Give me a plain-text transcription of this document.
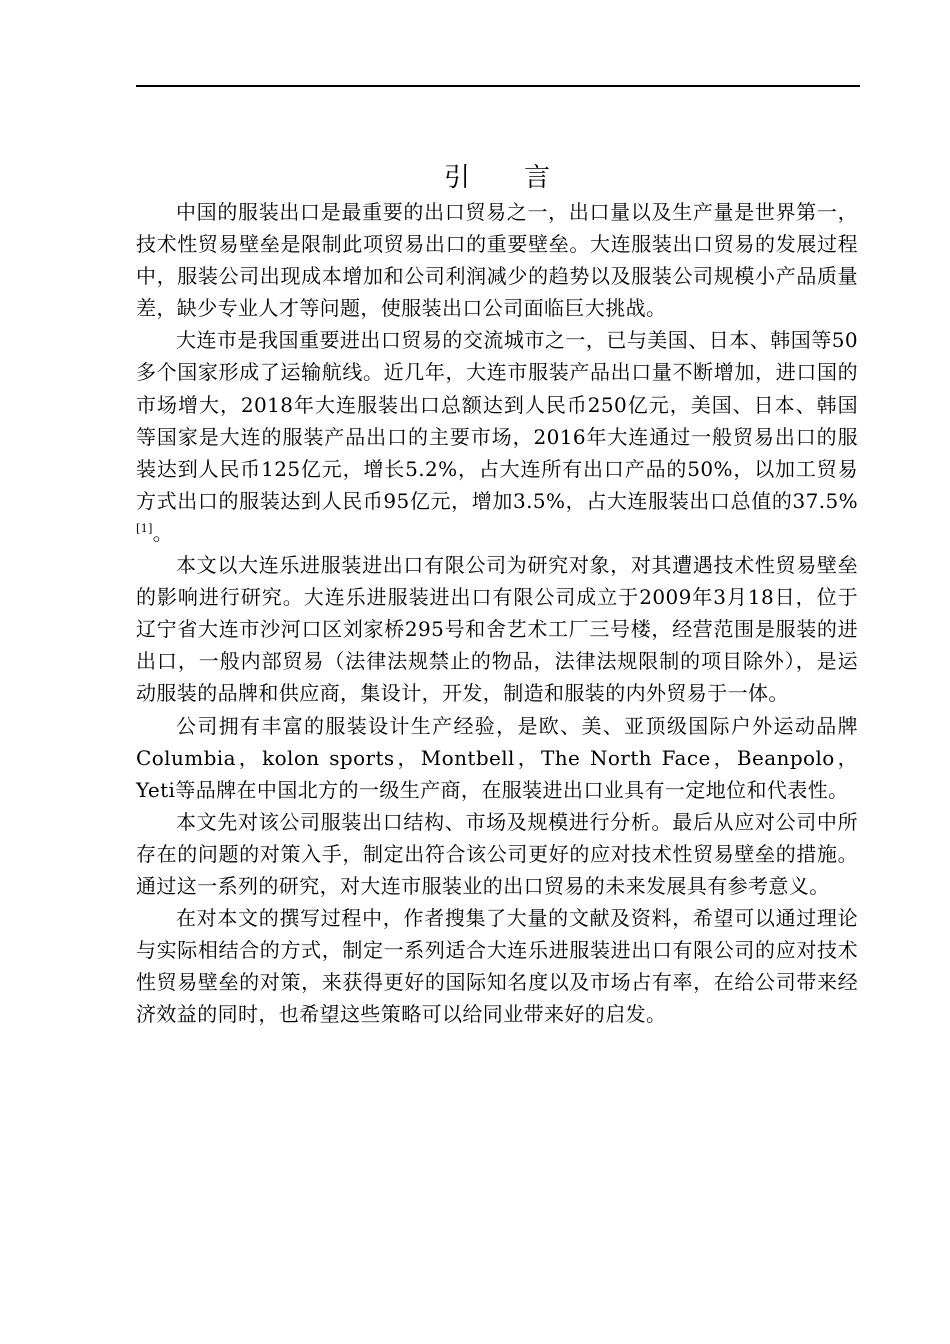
引 言

中国的服装出口是最重要的出口贸易之一，出口量以及生产量是世界第一，技术性贸易壁垒是限制此项贸易出口的重要壁垒。大连服装出口贸易的发展过程中，服装公司出现成本增加和公司利润减少的趋势以及服装公司规模小产品质量差，缺少专业人才等问题，使服装出口公司面临巨大挑战。

大连市是我国重要进出口贸易的交流城市之一，已与美国、日本、韩国等50多个国家形成了运输航线。近几年，大连市服装产品出口量不断增加，进口国的市场增大，2018年大连服装出口总额达到人民币250亿元，美国、日本、韩国等国家是大连的服装产品出口的主要市场，2016年大连通过一般贸易出口的服装达到人民币125亿元，增长5.2%，占大连所有出口产品的50%，以加工贸易方式出口的服装达到人民币95亿元，增加3.5%，占大连服装出口总值的37.5%[1]。

本文以大连乐进服装进出口有限公司为研究对象，对其遭遇技术性贸易壁垒的影响进行研究。大连乐进服装进出口有限公司成立于2009年3月18日，位于辽宁省大连市沙河口区刘家桥295号和舍艺术工厂三号楼，经营范围是服装的进出口，一般内部贸易（法律法规禁止的物品，法律法规限制的项目除外），是运动服装的品牌和供应商，集设计，开发，制造和服装的内外贸易于一体。

公司拥有丰富的服装设计生产经验，是欧、美、亚顶级国际户外运动品牌Columbia，kolon sports，Montbell，The North Face，Beanpolo，Yeti等品牌在中国北方的一级生产商，在服装进出口业具有一定地位和代表性。

本文先对该公司服装出口结构、市场及规模进行分析。最后从应对公司中所存在的问题的对策入手，制定出符合该公司更好的应对技术性贸易壁垒的措施。通过这一系列的研究，对大连市服装业的出口贸易的未来发展具有参考意义。

在对本文的撰写过程中，作者搜集了大量的文献及资料，希望可以通过理论与实际相结合的方式，制定一系列适合大连乐进服装进出口有限公司的应对技术性贸易壁垒的对策，来获得更好的国际知名度以及市场占有率，在给公司带来经济效益的同时，也希望这些策略可以给同业带来好的启发。
